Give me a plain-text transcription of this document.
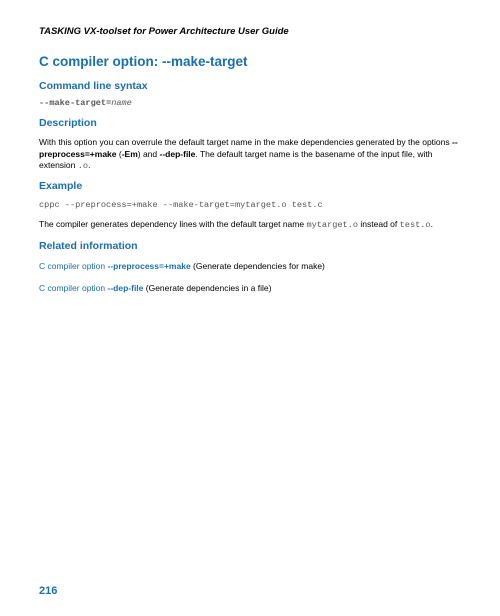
TASKING VX-toolset for Power Architecture User Guide
C compiler option: --make-target
Command line syntax
--make-target=name
Description

With this option you can overrule the default target name in the make dependencies generated by the options --preprocess=+make (-Em) and --dep-file. The default target name is the basename of the input file, with extension .o.

Example
cppc --preprocess=+make --make-target=mytarget.o test.c

The compiler generates dependency lines with the default target name mytarget.o instead of test.o.

Related information

C compiler option --preprocess=+make (Generate dependencies for make)

C compiler option --dep-file (Generate dependencies in a file)

216
